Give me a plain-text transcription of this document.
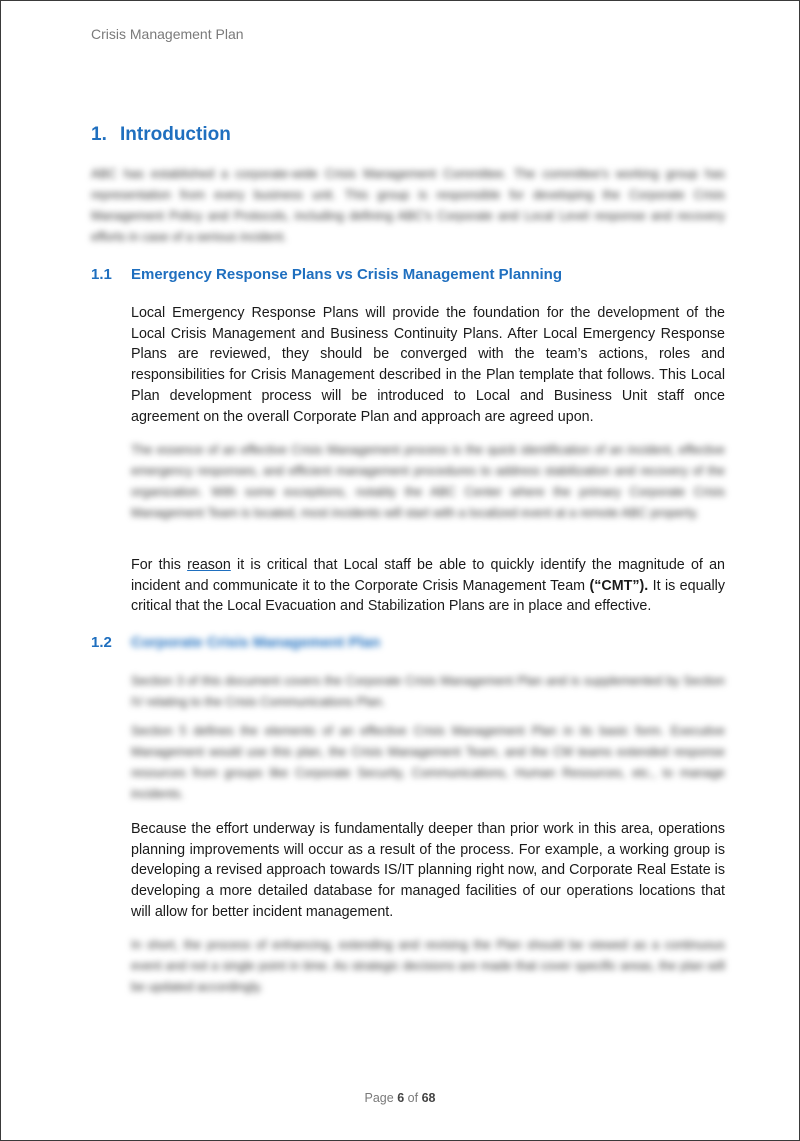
Crisis Management Plan
1. Introduction
ABC has established a corporate-wide Crisis Management Committee. The committee's working group has representation from every business unit. This group is responsible for developing the Corporate Crisis Management Policy and Protocols, including defining ABC's Corporate and Local Level response and recovery efforts in case of a serious incident.
1.1 Emergency Response Plans vs Crisis Management Planning
Local Emergency Response Plans will provide the foundation for the development of the Local Crisis Management and Business Continuity Plans. After Local Emergency Response Plans are reviewed, they should be converged with the team’s actions, roles and responsibilities for Crisis Management described in the Plan template that follows. This Local Plan development process will be introduced to Local and Business Unit staff once agreement on the overall Corporate Plan and approach are agreed upon.
The essence of an effective Crisis Management process is the quick identification of an incident, effective emergency responses, and efficient management procedures to address stabilization and recovery of the organization. With some exceptions, notably the ABC Center where the primary Corporate Crisis Management Team is located, most incidents will start with a localized event at a remote ABC property.
For this reason it is critical that Local staff be able to quickly identify the magnitude of an incident and communicate it to the Corporate Crisis Management Team (“CMT”). It is equally critical that the Local Evacuation and Stabilization Plans are in place and effective.
1.2 Corporate Crisis Management Plan
Section 3 of this document covers the Corporate Crisis Management Plan and is supplemented by Section IV relating to the Crisis Communications Plan.
Section 5 defines the elements of an effective Crisis Management Plan in its basic form. Executive Management would use this plan, the Crisis Management Team, and the CM teams extended response resources from groups like Corporate Security, Communications, Human Resources, etc., to manage incidents.
Because the effort underway is fundamentally deeper than prior work in this area, operations planning improvements will occur as a result of the process. For example, a working group is developing a revised approach towards IS/IT planning right now, and Corporate Real Estate is developing a more detailed database for managed facilities of our operations locations that will allow for better incident management.
In short, the process of enhancing, extending and revising the Plan should be viewed as a continuous event and not a single point in time. As strategic decisions are made that cover specific areas, the plan will be updated accordingly.
Page 6 of 68
